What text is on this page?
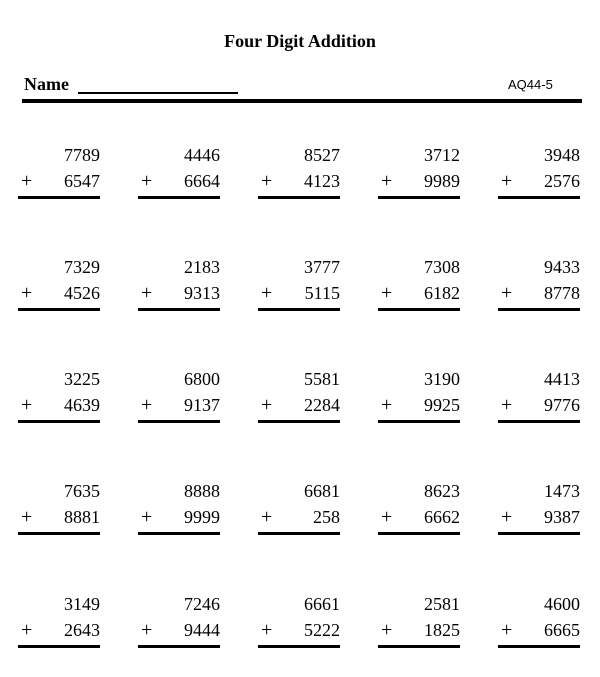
Four Digit Addition
Name	AQ44-5
7789
+ 6547
4446
+ 6664
8527
+ 4123
3712
+ 9989
3948
+ 2576
7329
+ 4526
2183
+ 9313
3777
+ 5115
7308
+ 6182
9433
+ 8778
3225
+ 4639
6800
+ 9137
5581
+ 2284
3190
+ 9925
4413
+ 9776
7635
+ 8881
8888
+ 9999
6681
+ 258
8623
+ 6662
1473
+ 9387
3149
+ 2643
7246
+ 9444
6661
+ 5222
2581
+ 1825
4600
+ 6665
